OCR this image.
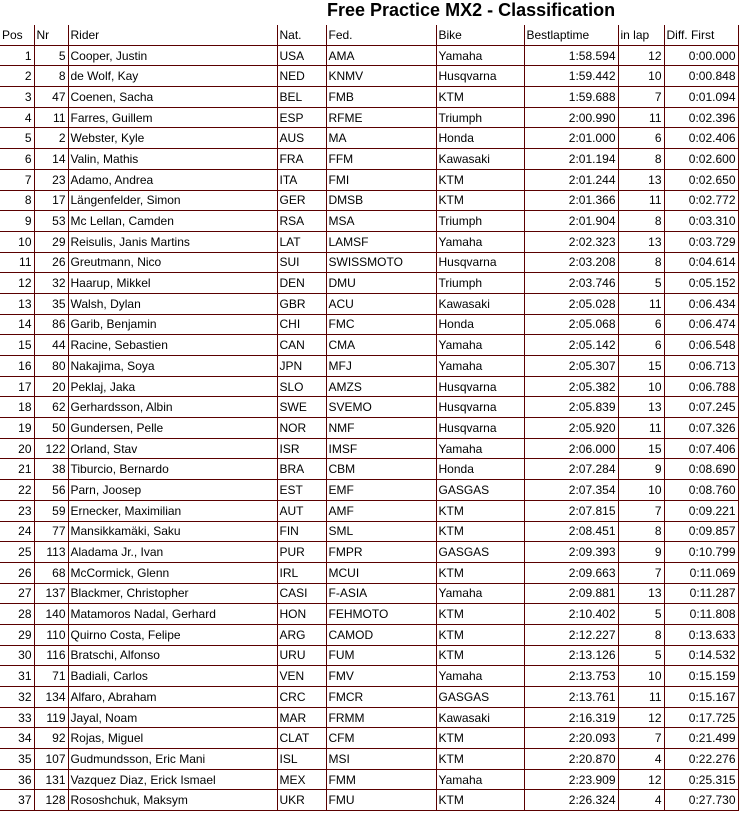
Free Practice MX2 - Classification
Pos	Nr	Rider	Nat.	Fed.	Bike	Bestlaptime	in lap	Diff. First
1	5	Cooper, Justin	USA	AMA	Yamaha	1:58.594	12	0:00.000
2	8	de Wolf, Kay	NED	KNMV	Husqvarna	1:59.442	10	0:00.848
3	47	Coenen, Sacha	BEL	FMB	KTM	1:59.688	7	0:01.094
4	11	Farres, Guillem	ESP	RFME	Triumph	2:00.990	11	0:02.396
5	2	Webster, Kyle	AUS	MA	Honda	2:01.000	6	0:02.406
6	14	Valin, Mathis	FRA	FFM	Kawasaki	2:01.194	8	0:02.600
7	23	Adamo, Andrea	ITA	FMI	KTM	2:01.244	13	0:02.650
8	17	Längenfelder, Simon	GER	DMSB	KTM	2:01.366	11	0:02.772
9	53	Mc Lellan, Camden	RSA	MSA	Triumph	2:01.904	8	0:03.310
10	29	Reisulis, Janis Martins	LAT	LAMSF	Yamaha	2:02.323	13	0:03.729
11	26	Greutmann, Nico	SUI	SWISSMOTO	Husqvarna	2:03.208	8	0:04.614
12	32	Haarup, Mikkel	DEN	DMU	Triumph	2:03.746	5	0:05.152
13	35	Walsh, Dylan	GBR	ACU	Kawasaki	2:05.028	11	0:06.434
14	86	Garib, Benjamin	CHI	FMC	Honda	2:05.068	6	0:06.474
15	44	Racine, Sebastien	CAN	CMA	Yamaha	2:05.142	6	0:06.548
16	80	Nakajima, Soya	JPN	MFJ	Yamaha	2:05.307	15	0:06.713
17	20	Peklaj, Jaka	SLO	AMZS	Husqvarna	2:05.382	10	0:06.788
18	62	Gerhardsson, Albin	SWE	SVEMO	Husqvarna	2:05.839	13	0:07.245
19	50	Gundersen, Pelle	NOR	NMF	Husqvarna	2:05.920	11	0:07.326
20	122	Orland, Stav	ISR	IMSF	Yamaha	2:06.000	15	0:07.406
21	38	Tiburcio, Bernardo	BRA	CBM	Honda	2:07.284	9	0:08.690
22	56	Parn, Joosep	EST	EMF	GASGAS	2:07.354	10	0:08.760
23	59	Ernecker, Maximilian	AUT	AMF	KTM	2:07.815	7	0:09.221
24	77	Mansikkamäki, Saku	FIN	SML	KTM	2:08.451	8	0:09.857
25	113	Aladama Jr., Ivan	PUR	FMPR	GASGAS	2:09.393	9	0:10.799
26	68	McCormick, Glenn	IRL	MCUI	KTM	2:09.663	7	0:11.069
27	137	Blackmer, Christopher	CASI	F-ASIA	Yamaha	2:09.881	13	0:11.287
28	140	Matamoros Nadal, Gerhard	HON	FEHMOTO	KTM	2:10.402	5	0:11.808
29	110	Quirno Costa, Felipe	ARG	CAMOD	KTM	2:12.227	8	0:13.633
30	116	Bratschi, Alfonso	URU	FUM	KTM	2:13.126	5	0:14.532
31	71	Badiali, Carlos	VEN	FMV	Yamaha	2:13.753	10	0:15.159
32	134	Alfaro, Abraham	CRC	FMCR	GASGAS	2:13.761	11	0:15.167
33	119	Jayal, Noam	MAR	FRMM	Kawasaki	2:16.319	12	0:17.725
34	92	Rojas, Miguel	CLAT	CFM	KTM	2:20.093	7	0:21.499
35	107	Gudmundsson, Eric Mani	ISL	MSI	KTM	2:20.870	4	0:22.276
36	131	Vazquez Diaz, Erick Ismael	MEX	FMM	Yamaha	2:23.909	12	0:25.315
37	128	Rososhchuk, Maksym	UKR	FMU	KTM	2:26.324	4	0:27.730
